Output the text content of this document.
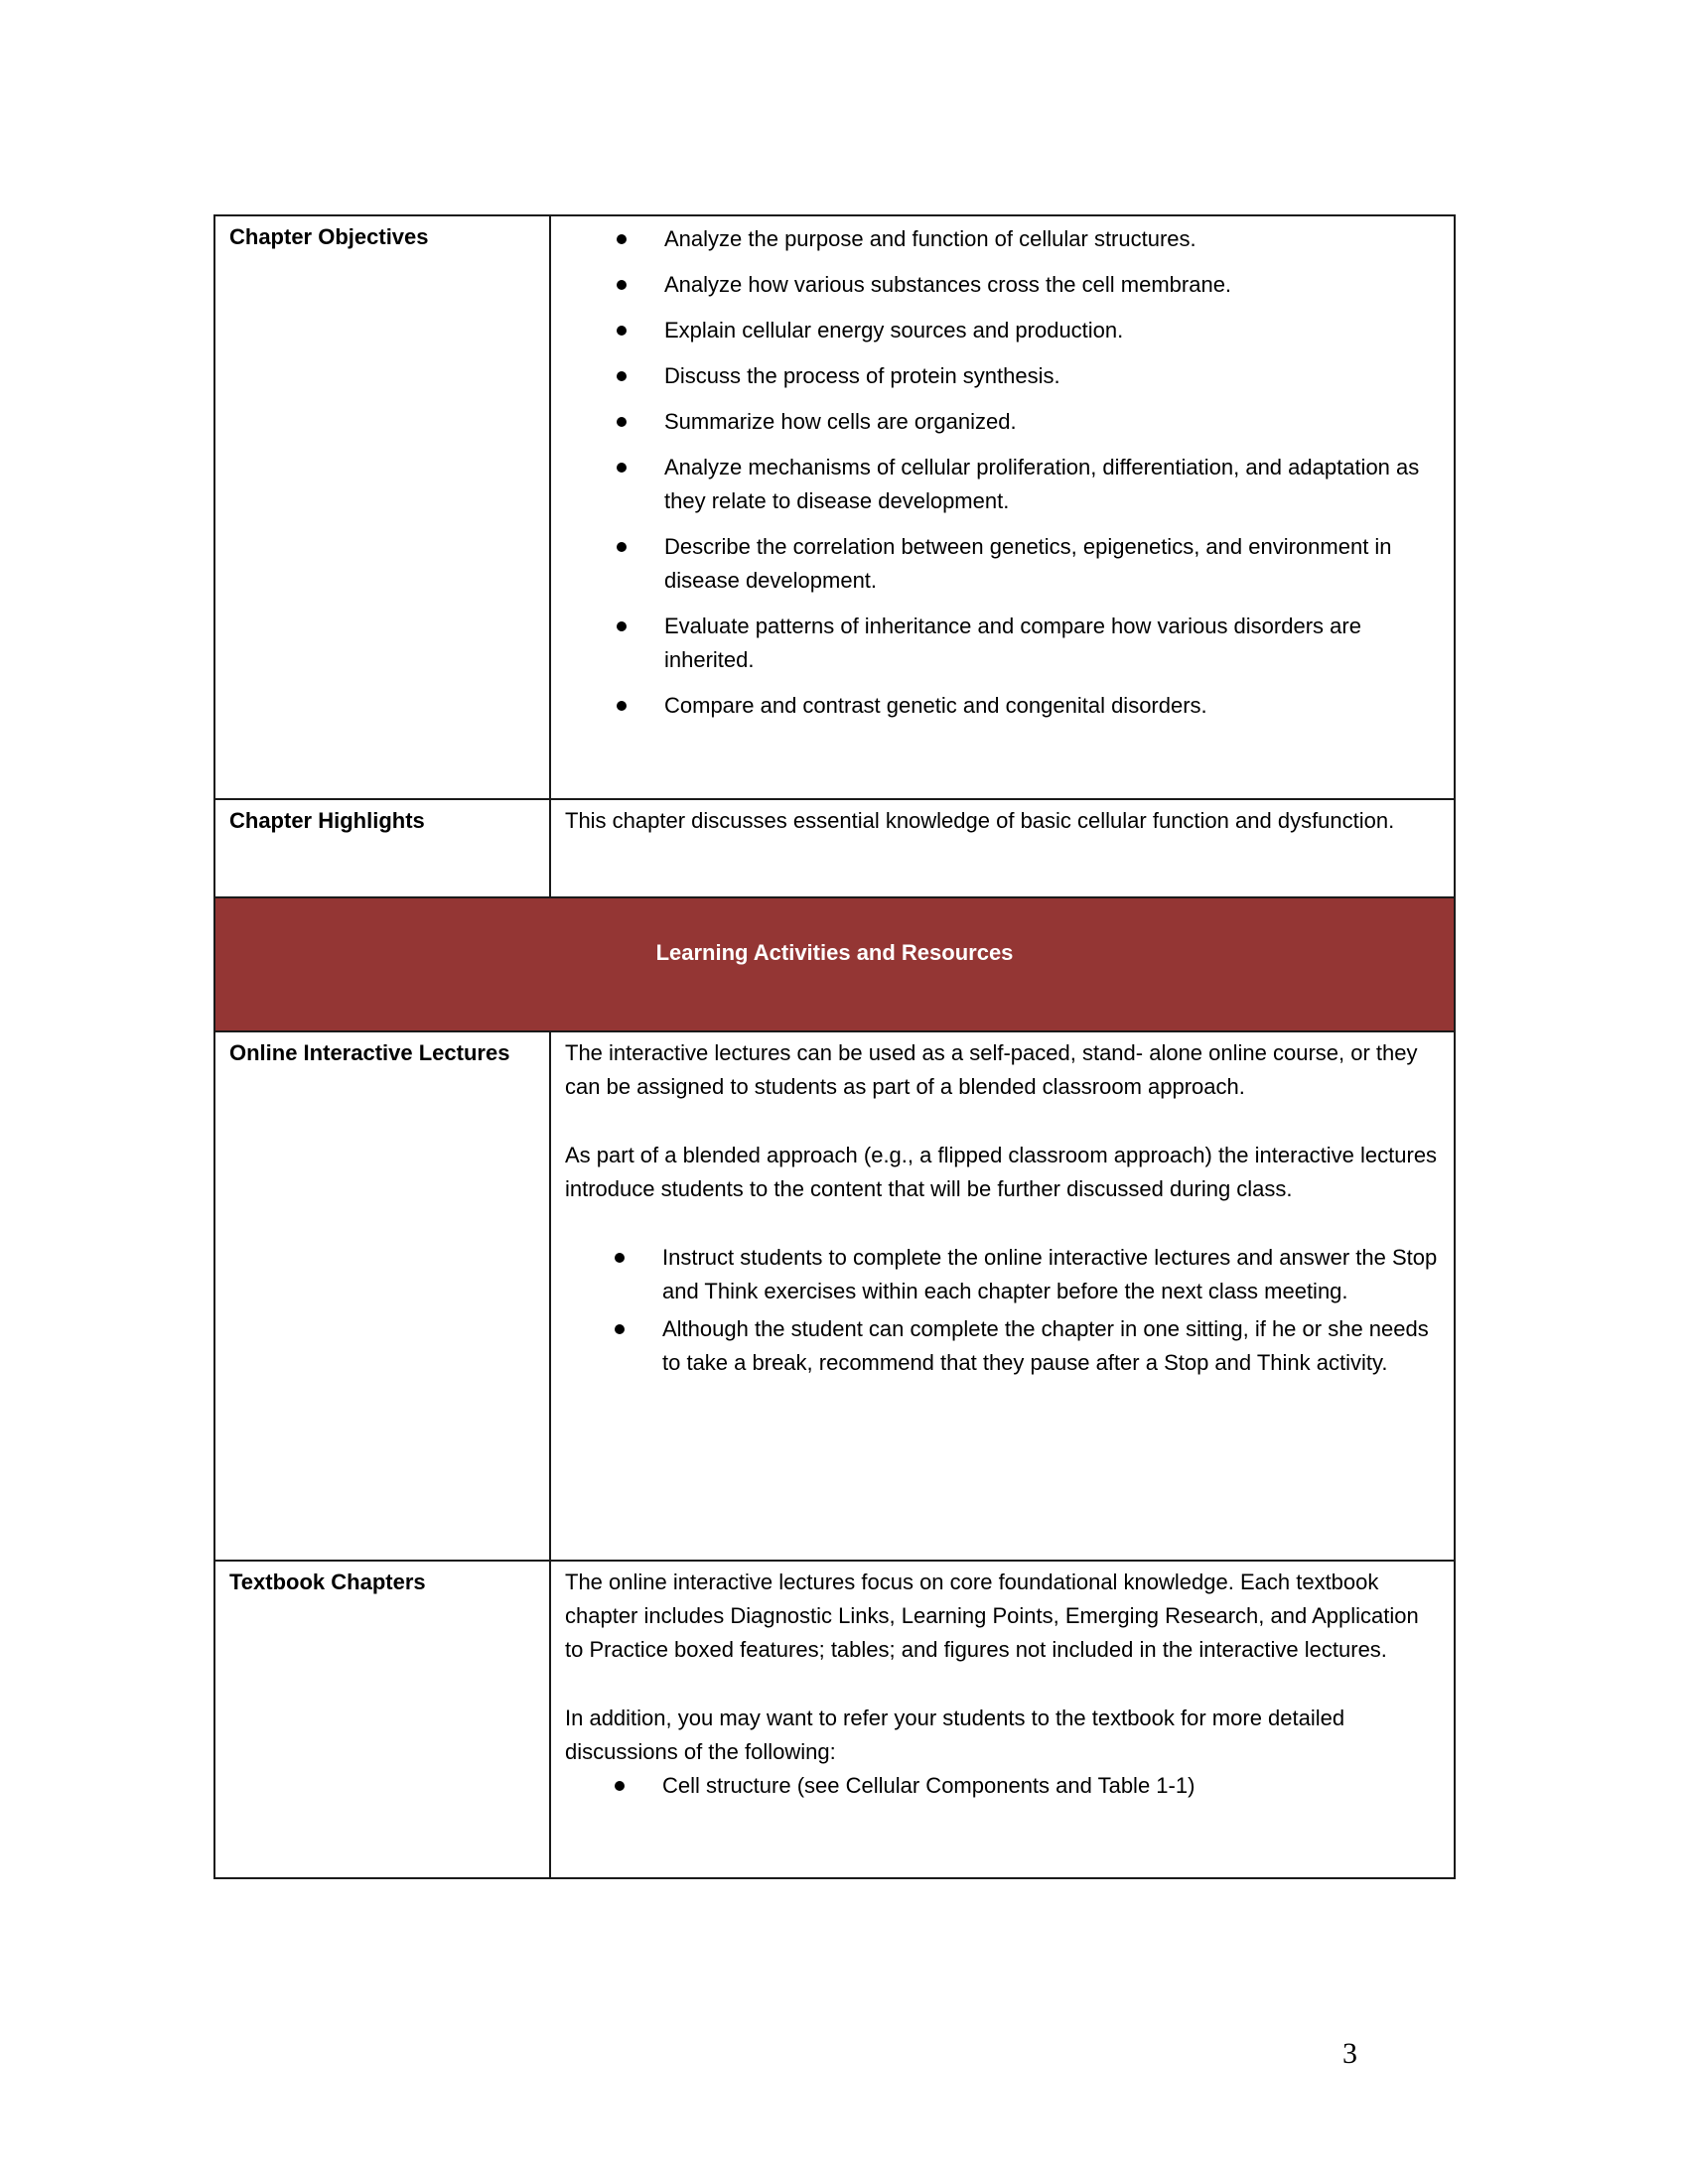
Chapter Objectives	Analyze the purpose and function of cellular structures.
Analyze how various substances cross the cell membrane.
Explain cellular energy sources and production.
Discuss the process of protein synthesis.
Summarize how cells are organized.
Analyze mechanisms of cellular proliferation, differentiation, and adaptation as they relate to disease development.
Describe the correlation between genetics, epigenetics, and environment in disease development.
Evaluate patterns of inheritance and compare how various disorders are inherited.
Compare and contrast genetic and congenital disorders.

Chapter Highlights	This chapter discusses essential knowledge of basic cellular function and dysfunction.

Learning Activities and Resources	
Online Interactive Lectures	The interactive lectures can be used as a self-paced, stand- alone online course, or they can be assigned to students as part of a blended classroom approach.

As part of a blended approach (e.g., a flipped classroom approach) the interactive lectures introduce students to the content that will be further discussed during class.

Instruct students to complete the online interactive lectures and answer the Stop and Think exercises within each chapter before the next class meeting.
Although the student can complete the chapter in one sitting, if he or she needs to take a break, recommend that they pause after a Stop and Think activity.

Textbook Chapters	The online interactive lectures focus on core foundational knowledge. Each textbook chapter includes Diagnostic Links, Learning Points, Emerging Research, and Application to Practice boxed features; tables; and figures not included in the interactive lectures.

In addition, you may want to refer your students to the textbook for more detailed discussions of the following:

Cell structure (see Cellular Components and Table 1-1)
3
